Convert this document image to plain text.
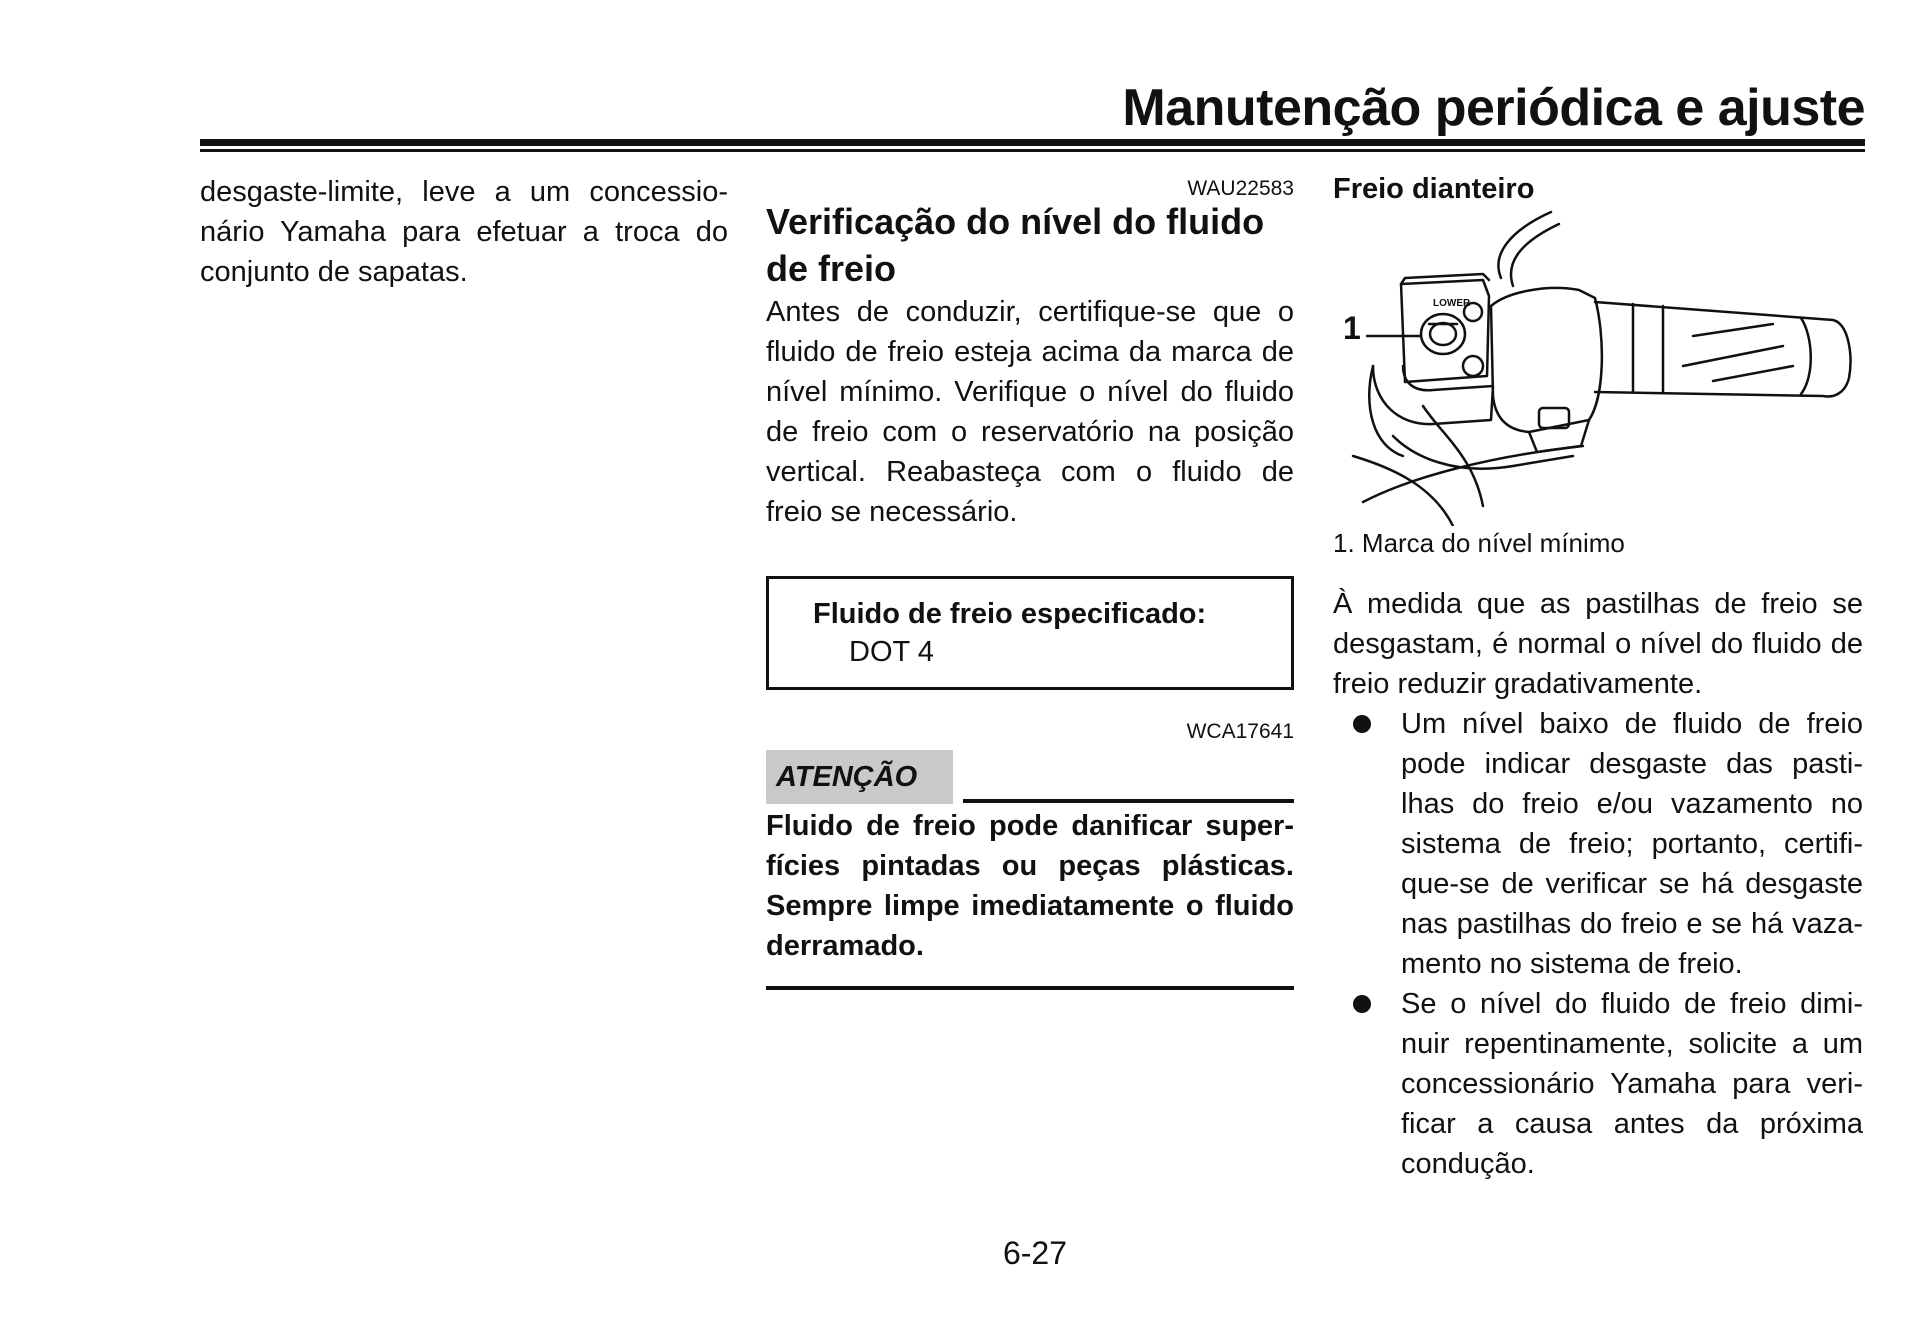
Manutenção periódica e ajuste

desgaste-limite, leve a um concessio-nário Yamaha para efetuar a troca do conjunto de sapatas.

WAU22583
Verificação do nível do fluido de freio

Antes de conduzir, certifique-se que o fluido de freio esteja acima da marca de nível mínimo. Verifique o nível do fluido de freio com o reservatório na posição vertical. Reabasteça com o fluido de freio se necessário.

Fluido de freio especificado:
DOT 4
WCA17641
ATENÇÃO

Fluido de freio pode danificar super-fícies pintadas ou peças plásticas. Sempre limpe imediatamente o fluido derramado.

Freio dianteiro
LOWER
1
1. Marca do nível mínimo

À medida que as pastilhas de freio se desgastam, é normal o nível do fluido de freio reduzir gradativamente.

Um nível baixo de fluido de freio pode indicar desgaste das pasti-lhas do freio e/ou vazamento no sistema de freio; portanto, certifi-que-se de verificar se há desgaste nas pastilhas do freio e se há vaza-mento no sistema de freio.
Se o nível do fluido de freio dimi-nuir repentinamente, solicite a um concessionário Yamaha para veri-ficar a causa antes da próxima condução.
6-27
